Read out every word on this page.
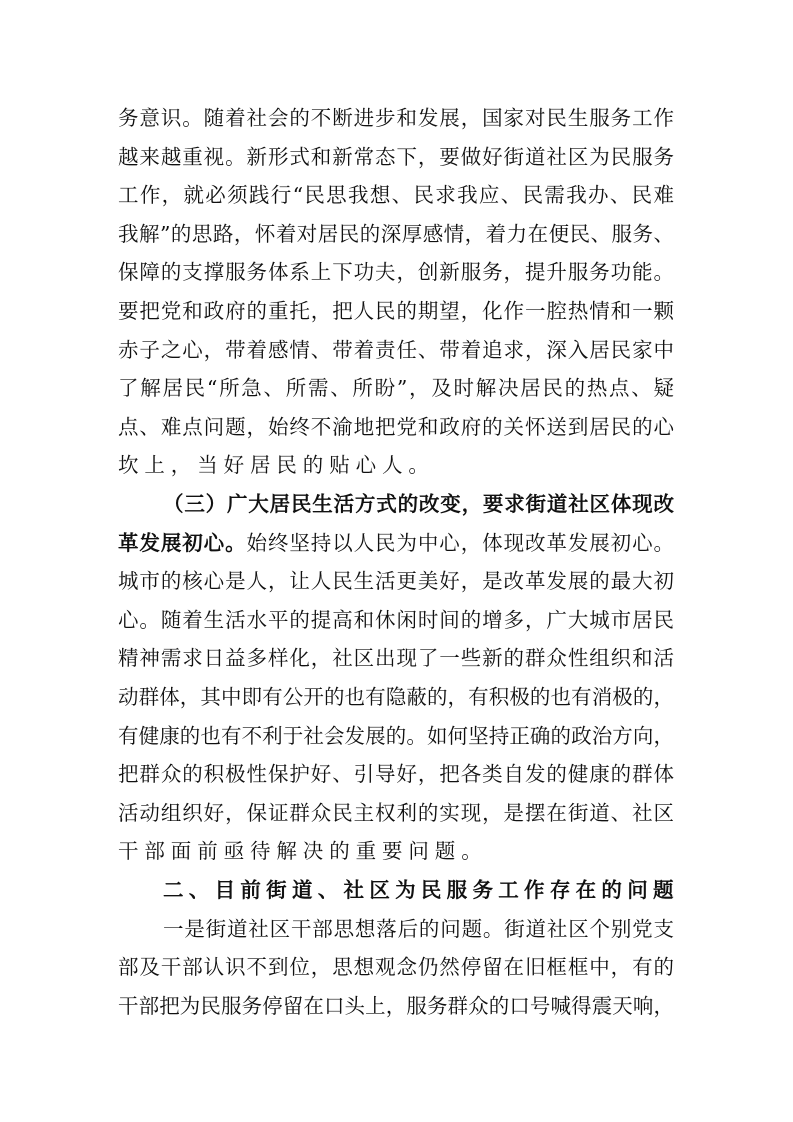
务意识。随着社会的不断进步和发展，国家对民生服务工作
越来越重视。新形式和新常态下，要做好街道社区为民服务
工作，就必须践行“民思我想、民求我应、民需我办、民难
我解”的思路，怀着对居民的深厚感情，着力在便民、服务、
保障的支撑服务体系上下功夫，创新服务，提升服务功能。
要把党和政府的重托，把人民的期望，化作一腔热情和一颗
赤子之心，带着感情、带着责任、带着追求，深入居民家中
了解居民“所急、所需、所盼”，及时解决居民的热点、疑
点、难点问题，始终不渝地把党和政府的关怀送到居民的心
坎上，当好居民的贴心人。
（三）广大居民生活方式的改变，要求街道社区体现改
革发展初心。始终坚持以人民为中心，体现改革发展初心。
城市的核心是人，让人民生活更美好，是改革发展的最大初
心。随着生活水平的提高和休闲时间的增多，广大城市居民
精神需求日益多样化，社区出现了一些新的群众性组织和活
动群体，其中即有公开的也有隐蔽的，有积极的也有消极的，
有健康的也有不利于社会发展的。如何坚持正确的政治方向，
把群众的积极性保护好、引导好，把各类自发的健康的群体
活动组织好，保证群众民主权利的实现，是摆在街道、社区
干部面前亟待解决的重要问题。
二、目前街道、社区为民服务工作存在的问题
一是街道社区干部思想落后的问题。街道社区个别党支
部及干部认识不到位，思想观念仍然停留在旧框框中，有的
干部把为民服务停留在口头上，服务群众的口号喊得震天响，
